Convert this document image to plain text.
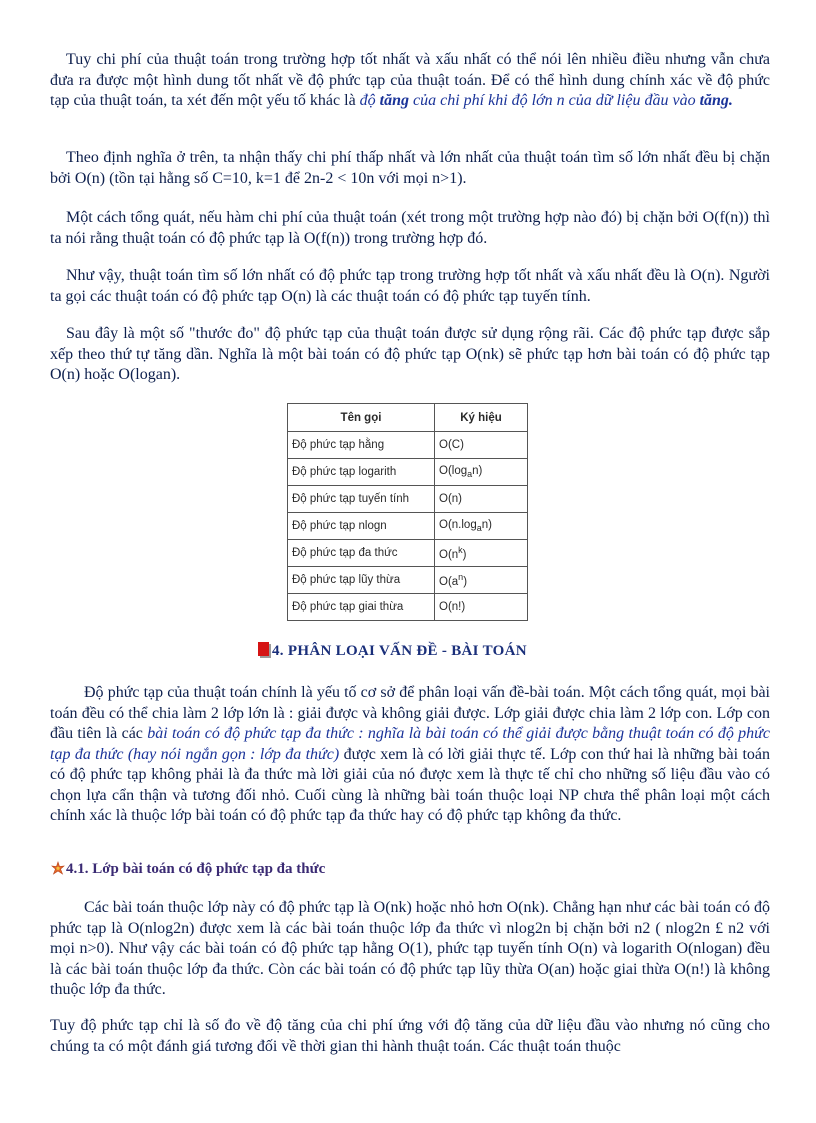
Tuy chi phí của thuật toán trong trường hợp tốt nhất và xấu nhất có thể nói lên nhiều điều nhưng vẫn chưa đưa ra được một hình dung tốt nhất về độ phức tạp của thuật toán. Để có thể hình dung chính xác về độ phức tạp của thuật toán, ta xét đến một yếu tố khác là độ tăng của chi phí khi độ lớn n của dữ liệu đầu vào tăng.

Theo định nghĩa ở trên, ta nhận thấy chi phí thấp nhất và lớn nhất của thuật toán tìm số lớn nhất đều bị chặn bởi O(n) (tồn tại hằng số C=10, k=1 để 2n-2 < 10n với mọi n>1).

Một cách tổng quát, nếu hàm chi phí của thuật toán (xét trong một trường hợp nào đó) bị chặn bởi O(f(n)) thì ta nói rằng thuật toán có độ phức tạp là O(f(n)) trong trường hợp đó.

Như vậy, thuật toán tìm số lớn nhất có độ phức tạp trong trường hợp tốt nhất và xấu nhất đều là O(n). Người ta gọi các thuật toán có độ phức tạp O(n) là các thuật toán có độ phức tạp tuyến tính.

Sau đây là một số "thước đo" độ phức tạp của thuật toán được sử dụng rộng rãi. Các độ phức tạp được sắp xếp theo thứ tự tăng dần. Nghĩa là một bài toán có độ phức tạp O(nk) sẽ phức tạp hơn bài toán có độ phức tạp O(n) hoặc O(logan).

Tên gọi	Ký hiệu
Độ phức tạp hằng	O(C)
Độ phức tạp logarith	$O(\log_an)$
Độ phức tạp tuyến tính	O(n)
Độ phức tạp nlogn	$O(n.\log_an)$
Độ phức tạp đa thức	$O(n^k)$
Độ phức tạp lũy thừa	$O(a^n)$
Độ phức tạp giai thừa	O(n!)
4. PHÂN LOẠI VẤN ĐỀ - BÀI TOÁN

Độ phức tạp của thuật toán chính là yếu tố cơ sở để phân loại vấn đề-bài toán. Một cách tổng quát, mọi bài toán đều có thể chia làm 2 lớp lớn là : giải được và không giải được. Lớp giải được chia làm 2 lớp con. Lớp con đầu tiên là các bài toán có độ phức tạp đa thức : nghĩa là bài toán có thể giải được bằng thuật toán có độ phức tạp đa thức (hay nói ngắn gọn : lớp đa thức) được xem là có lời giải thực tế. Lớp con thứ hai là những bài toán có độ phức tạp không phải là đa thức mà lời giải của nó được xem là thực tế chỉ cho những số liệu đầu vào có chọn lựa cẩn thận và tương đối nhỏ. Cuối cùng là những bài toán thuộc loại NP chưa thể phân loại một cách chính xác là thuộc lớp bài toán có độ phức tạp đa thức hay có độ phức tạp không đa thức.

4.1. Lớp bài toán có độ phức tạp đa thức

Các bài toán thuộc lớp này có độ phức tạp là O(nk) hoặc nhỏ hơn O(nk). Chẳng hạn như các bài toán có độ phức tạp là O(nlog2n) được xem là các bài toán thuộc lớp đa thức vì nlog2n bị chặn bởi n2 ( nlog2n £ n2 với mọi n>0). Như vậy các bài toán có độ phức tạp hằng O(1), phức tạp tuyến tính O(n) và logarith O(nlogan) đều là các bài toán thuộc lớp đa thức. Còn các bài toán có độ phức tạp lũy thừa O(an) hoặc giai thừa O(n!) là không thuộc lớp đa thức.

Tuy độ phức tạp chỉ là số đo về độ tăng của chi phí ứng với độ tăng của dữ liệu đầu vào nhưng nó cũng cho chúng ta có một đánh giá tương đối về thời gian thi hành thuật toán. Các thuật toán thuộc
